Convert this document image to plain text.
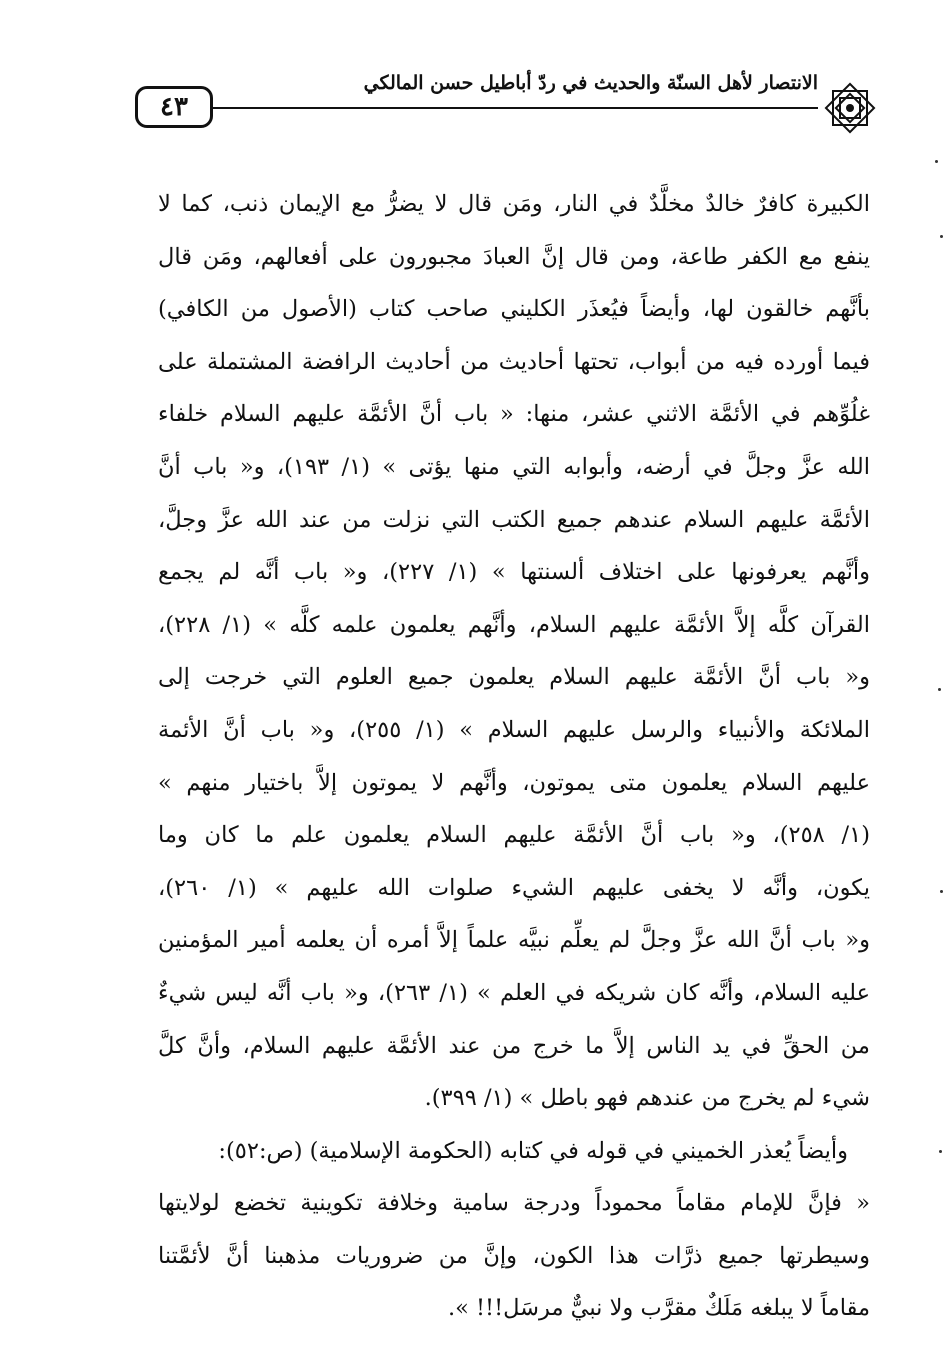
٤٣
الانتصار لأهل السنّة والحديث في ردّ أباطيل حسن المالكي
الكبيرة كافرٌ خالدٌ مخلَّدٌ في النار، ومَن قال لا يضرُّ مع الإيمان ذنب، كما لا
ينفع مع الكفر طاعة، ومن قال إنَّ العبادَ مجبورون على أفعالهم، ومَن قال
بأنَّهم خالقون لها، وأيضاً فيُعذَر الكليني صاحب كتاب (الأصول من الكافي)
فيما أورده فيه من أبواب، تحتها أحاديث من أحاديث الرافضة المشتملة على
غلُوِّهم في الأئمَّة الاثني عشر، منها: « باب أنَّ الأئمَّة عليهم السلام خلفاء
الله عزَّ وجلَّ في أرضه، وأبوابه التي منها يؤتى » (١/ ١٩٣)، و« باب أنَّ
الأئمَّة عليهم السلام عندهم جميع الكتب التي نزلت من عند الله عزَّ وجلَّ،
وأنَّهم يعرفونها على اختلاف ألسنتها » (١/ ٢٢٧)، و« باب أنَّه لم يجمع
القرآن كلَّه إلاَّ الأئمَّة عليهم السلام، وأنَّهم يعلمون علمه كلَّه » (١/ ٢٢٨)،
و« باب أنَّ الأئمَّة عليهم السلام يعلمون جميع العلوم التي خرجت إلى
الملائكة والأنبياء والرسل عليهم السلام » (١/ ٢٥٥)، و« باب أنَّ الأئمة
عليهم السلام يعلمون متى يموتون، وأنَّهم لا يموتون إلاَّ باختيار منهم »
(١/ ٢٥٨)، و« باب أنَّ الأئمَّة عليهم السلام يعلمون علم ما كان وما
يكون، وأنَّه لا يخفى عليهم الشيء صلوات الله عليهم » (١/ ٢٦٠)،
و« باب أنَّ الله عزَّ وجلَّ لم يعلِّم نبيَّه علماً إلاَّ أمره أن يعلمه أمير المؤمنين
عليه السلام، وأنَّه كان شريكه في العلم » (١/ ٢٦٣)، و« باب أنَّه ليس شيءٌ
من الحقِّ في يد الناس إلاَّ ما خرج من عند الأئمَّة عليهم السلام، وأنَّ كلَّ
شيء لم يخرج من عندهم فهو باطل » (١/ ٣٩٩).
وأيضاً يُعذر الخميني في قوله في كتابه (الحكومة الإسلامية) (ص:٥٢):
« فإنَّ للإمام مقاماً محموداً ودرجة سامية وخلافة تكوينية تخضع لولايتها
وسيطرتها جميع ذرَّات هذا الكون، وإنَّ من ضروريات مذهبنا أنَّ لأئمَّتنا
مقاماً لا يبلغه مَلَكٌ مقرَّب ولا نبيٌّ مرسَل!!! ».
